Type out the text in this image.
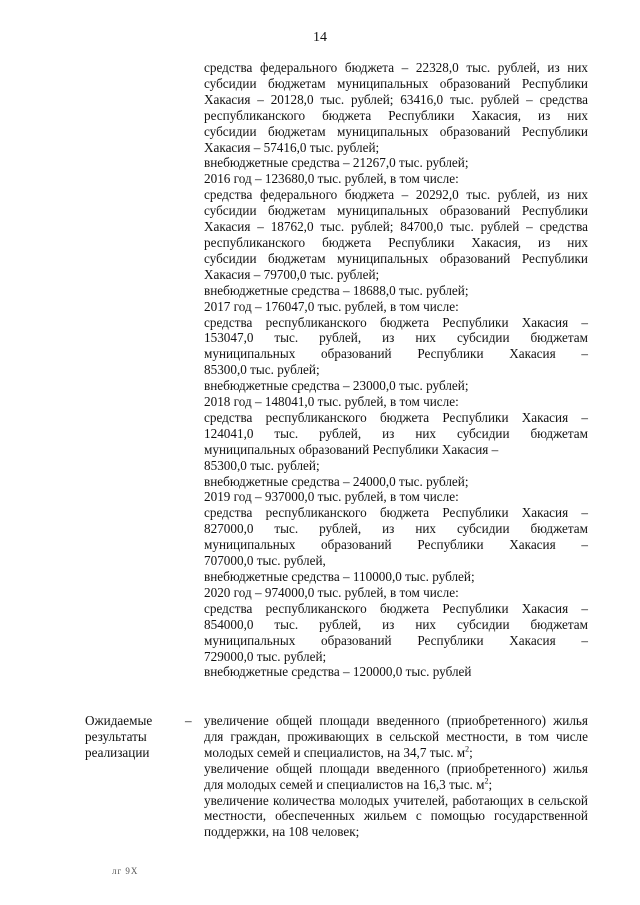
14

средства федерального бюджета – 22328,0 тыс. рублей, из них

субсидии бюджетам муниципальных образований Республики

Хакасия – 20128,0 тыс. рублей; 63416,0 тыс. рублей – средства

республиканского бюджета Республики Хакасия, из них

субсидии бюджетам муниципальных образований Республики

Хакасия – 57416,0 тыс. рублей;

внебюджетные средства – 21267,0 тыс. рублей;

2016 год – 123680,0 тыс. рублей, в том числе:

средства федерального бюджета – 20292,0 тыс. рублей, из них

субсидии бюджетам муниципальных образований Республики

Хакасия – 18762,0 тыс. рублей; 84700,0 тыс. рублей – средства

республиканского бюджета Республики Хакасия, из них

субсидии бюджетам муниципальных образований Республики

Хакасия – 79700,0 тыс. рублей;

внебюджетные средства – 18688,0 тыс. рублей;

2017 год – 176047,0 тыс. рублей, в том числе:

средства республиканского бюджета Республики Хакасия –

153047,0 тыс. рублей, из них субсидии бюджетам

муниципальных образований Республики Хакасия –

85300,0 тыс. рублей;

внебюджетные средства – 23000,0 тыс. рублей;

2018 год – 148041,0 тыс. рублей, в том числе:

средства республиканского бюджета Республики Хакасия –

124041,0 тыс. рублей, из них субсидии бюджетам

муниципальных образований Республики Хакасия –

85300,0 тыс. рублей;

внебюджетные средства – 24000,0 тыс. рублей;

2019 год – 937000,0 тыс. рублей, в том числе:

средства республиканского бюджета Республики Хакасия –

827000,0 тыс. рублей, из них субсидии бюджетам

муниципальных образований Республики Хакасия –

707000,0 тыс. рублей,

внебюджетные средства – 110000,0 тыс. рублей;

2020 год – 974000,0 тыс. рублей, в том числе:

средства республиканского бюджета Республики Хакасия –

854000,0 тыс. рублей, из них субсидии бюджетам

муниципальных образований Республики Хакасия –

729000,0 тыс. рублей;

внебюджетные средства – 120000,0 тыс. рублей

Ожидаемые результаты реализации
– увеличение общей площади введенного (приобретенного) жилья для граждан, проживающих в сельской местности, в том числе молодых семей и специалистов, на 34,7 тыс. $м^2$;

увеличение общей площади введенного (приобретенного) жилья для молодых семей и специалистов на 16,3 тыс. $м^2$;

увеличение количества молодых учителей, работающих в сельской местности, обеспеченных жильем с помощью государственной поддержки, на 108 человек;

лг 9Х
